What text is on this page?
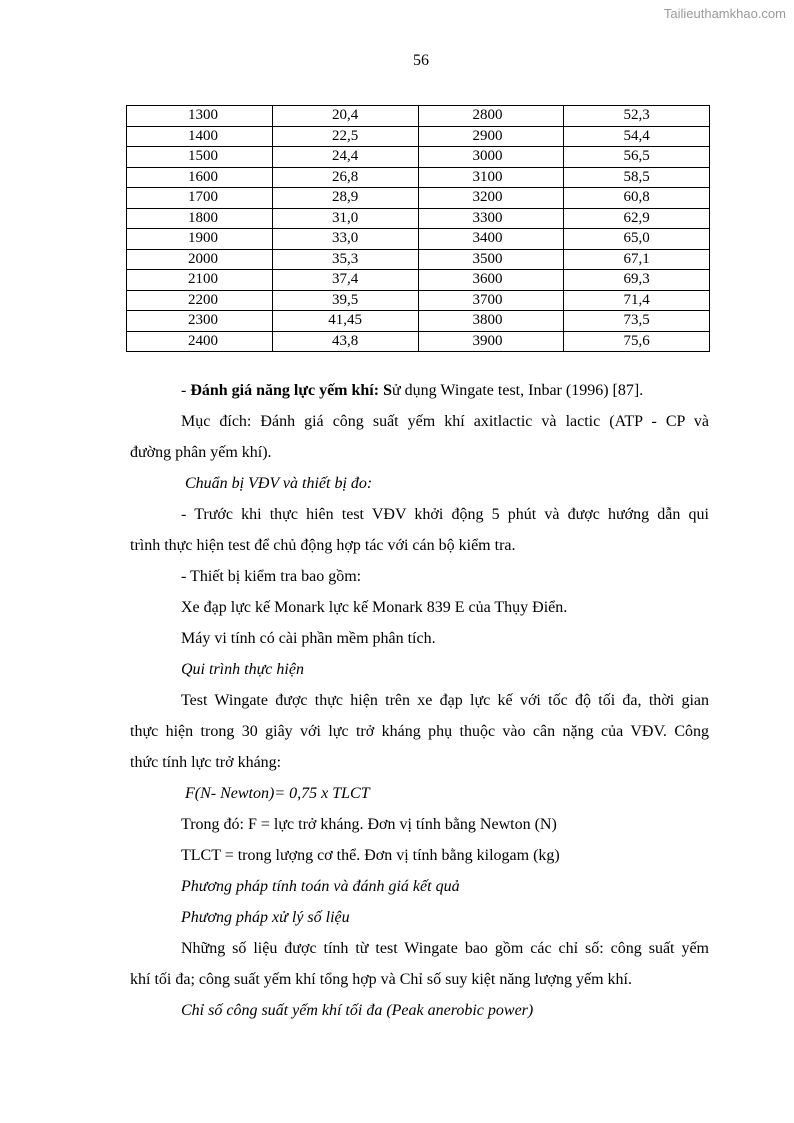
Tailieuthamkhao.com
56
1300	20,4	2800	52,3
1400	22,5	2900	54,4
1500	24,4	3000	56,5
1600	26,8	3100	58,5
1700	28,9	3200	60,8
1800	31,0	3300	62,9
1900	33,0	3400	65,0
2000	35,3	3500	67,1
2100	37,4	3600	69,3
2200	39,5	3700	71,4
2300	41,45	3800	73,5
2400	43,8	3900	75,6
- Đánh giá năng lực yếm khí: Sử dụng Wingate test, Inbar (1996) [87].
Mục đích: Đánh giá công suất yếm khí axitlactic và lactic (ATP - CP và
đường phân yếm khí).
Chuẩn bị VĐV và thiết bị đo:
- Trước khi thực hiên test VĐV khởi động 5 phút và được hướng dẫn qui
trình thực hiện test để chủ động hợp tác với cán bộ kiểm tra.
- Thiết bị kiểm tra bao gồm:
Xe đạp lực kế Monark lực kế Monark 839 E của Thụy Điển.
Máy vi tính có cài phần mềm phân tích.
Qui trình thực hiện
Test Wingate được thực hiện trên xe đạp lực kế với tốc độ tối đa, thời gian
thực hiện trong 30 giây với lực trở kháng phụ thuộc vào cân nặng của VĐV. Công
thức tính lực trở kháng:
F(N- Newton)= 0,75 x TLCT
Trong đó: F = lực trở kháng. Đơn vị tính bằng Newton (N)
TLCT = trong lượng cơ thể. Đơn vị tính bằng kilogam (kg)
Phương pháp tính toán và đánh giá kết quả
Phương pháp xử lý số liệu
Những số liệu được tính từ test Wingate bao gồm các chỉ số: công suất yếm
khí tối đa; công suất yếm khí tổng hợp và Chỉ số suy kiệt năng lượng yếm khí.
Chỉ số công suất yếm khí tối đa (Peak anerobic power)
